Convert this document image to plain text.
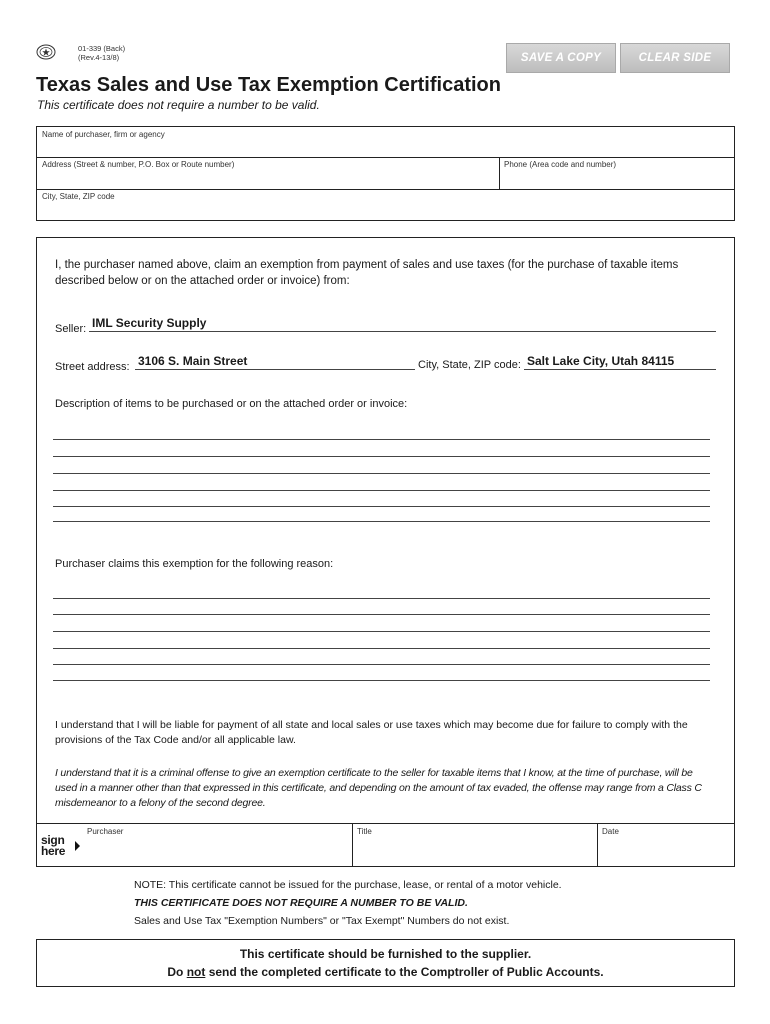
01-339 (Back)
(Rev.4-13/8)	SAVE A COPY	CLEAR SIDE
Texas Sales and Use Tax Exemption Certification
This certificate does not require a number to be valid.
Name of purchaser, firm or agency
Address (Street & number, P.O. Box or Route number)	Phone (Area code and number)
City, State, ZIP code
I, the purchaser named above, claim an exemption from payment of sales and use taxes (for the purchase of taxable items described below or on the attached order or invoice) from:
Seller: IML Security Supply
Street address: 3106 S. Main Street	City, State, ZIP code: Salt Lake City, Utah 84115
Description of items to be purchased or on the attached order or invoice:
Purchaser claims this exemption for the following reason:
I understand that I will be liable for payment of all state and local sales or use taxes which may become due for failure to comply with the provisions of the Tax Code and/or all applicable law.
I understand that it is a criminal offense to give an exemption certificate to the seller for taxable items that I know, at the time of purchase, will be used in a manner other than that expressed in this certificate, and depending on the amount of tax evaded, the offense may range from a Class C misdemeanor to a felony of the second degree.
sign
here
Purchaser	Title	Date
NOTE: This certificate cannot be issued for the purchase, lease, or rental of a motor vehicle.
THIS CERTIFICATE DOES NOT REQUIRE A NUMBER TO BE VALID.
Sales and Use Tax "Exemption Numbers" or "Tax Exempt" Numbers do not exist.
This certificate should be furnished to the supplier.
Do not send the completed certificate to the Comptroller of Public Accounts.
